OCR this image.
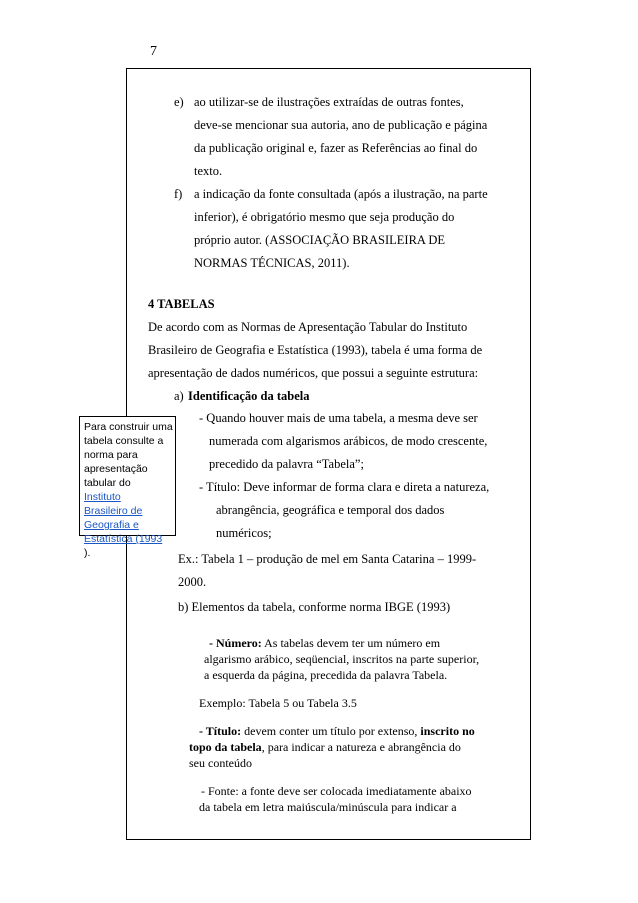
7
e) ao utilizar-se de ilustrações extraídas de outras fontes,
deve-se mencionar sua autoria, ano de publicação e página
da publicação original e, fazer as Referências ao final do
texto.
f) a indicação da fonte consultada (após a ilustração, na parte
inferior), é obrigatório mesmo que seja produção do
próprio autor. (ASSOCIAÇÃO BRASILEIRA DE
NORMAS TÉCNICAS, 2011).
4 TABELAS
De acordo com as Normas de Apresentação Tabular do Instituto
Brasileiro de Geografia e Estatística (1993), tabela é uma forma de
apresentação de dados numéricos, que possui a seguinte estrutura:
a) Identificação da tabela
- Quando houver mais de uma tabela, a mesma deve ser
numerada com algarismos arábicos, de modo crescente,
precedido da palavra “Tabela”;
- Título: Deve informar de forma clara e direta a natureza,
abrangência, geográfica e temporal dos dados
numéricos;
Ex.: Tabela 1 – produção de mel em Santa Catarina – 1999-
2000.
b) Elementos da tabela, conforme norma IBGE (1993)
- Número: As tabelas devem ter um número em
algarismo arábico, seqüencial, inscritos na parte superior,
a esquerda da página, precedida da palavra Tabela.
Exemplo: Tabela 5 ou Tabela 3.5
- Título: devem conter um título por extenso, inscrito no
topo da tabela, para indicar a natureza e abrangência do
seu conteúdo
- Fonte: a fonte deve ser colocada imediatamente abaixo
da tabela em letra maiúscula/minúscula para indicar a
Para construir uma
tabela consulte a
norma para
apresentação
tabular do
Instituto
Brasileiro de
Geografia e
Estatística (1993
).
